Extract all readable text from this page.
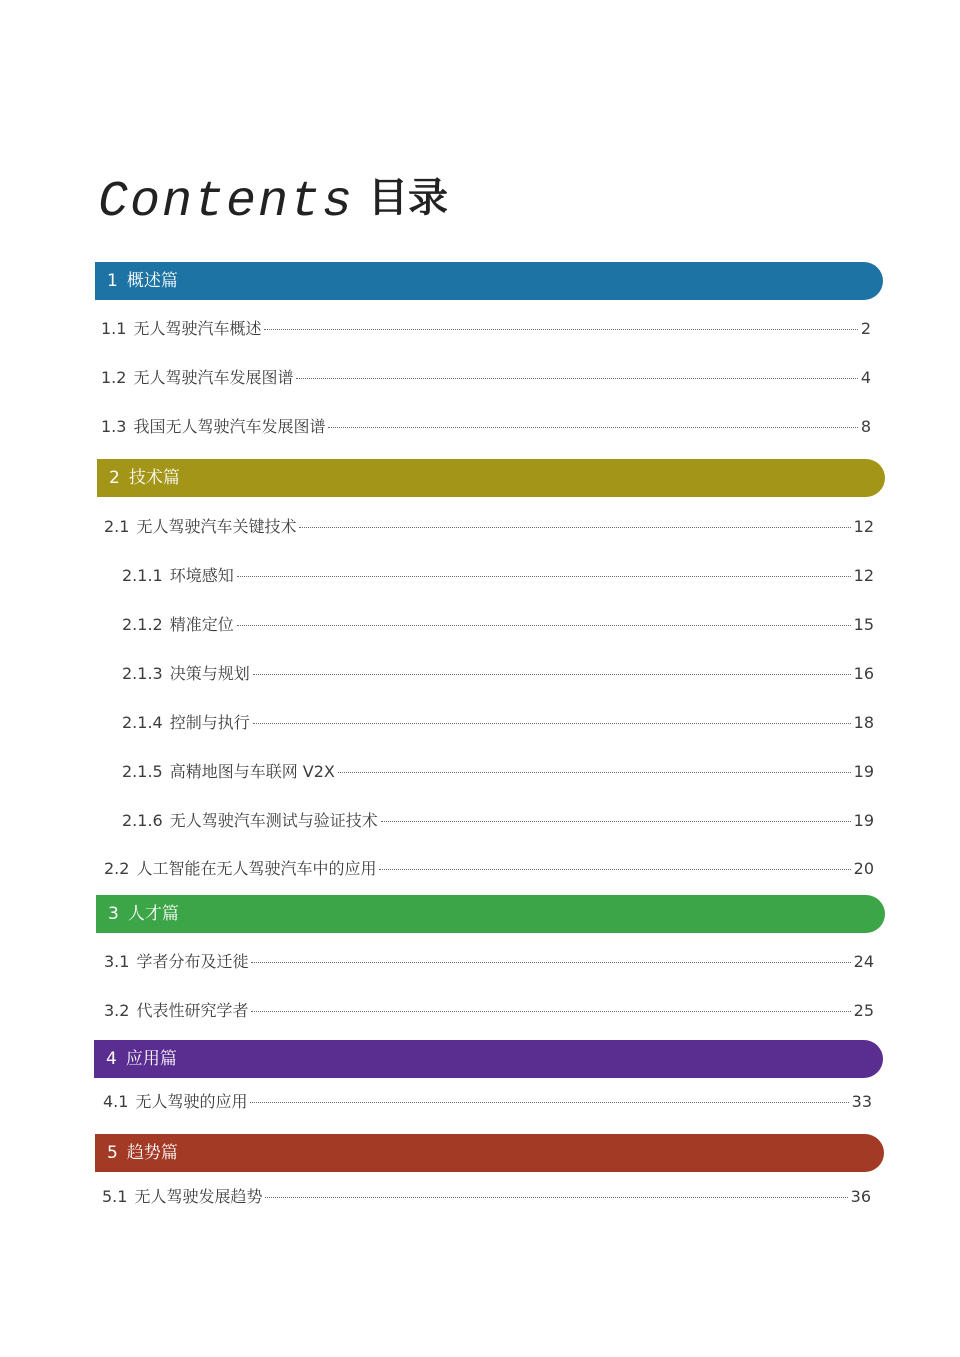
Contents 目录
1 概述篇
1.1 无人驾驶汽车概述	2
1.2 无人驾驶汽车发展图谱	4
1.3 我国无人驾驶汽车发展图谱	8
2 技术篇
2.1 无人驾驶汽车关键技术	12
2.1.1 环境感知	12
2.1.2 精准定位	15
2.1.3 决策与规划	16
2.1.4 控制与执行	18
2.1.5 高精地图与车联网 V2X	19
2.1.6 无人驾驶汽车测试与验证技术	19
2.2 人工智能在无人驾驶汽车中的应用	20
3 人才篇
3.1 学者分布及迁徙	24
3.2 代表性研究学者	25
4 应用篇
4.1 无人驾驶的应用	33
5 趋势篇
5.1 无人驾驶发展趋势	36
